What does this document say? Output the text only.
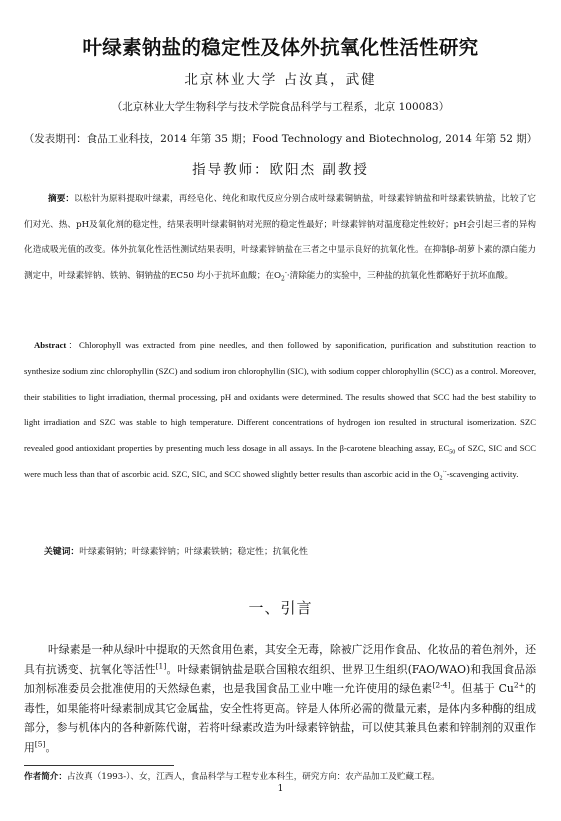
叶绿素钠盐的稳定性及体外抗氧化性活性研究
北京林业大学 占汝真，武健
（北京林业大学生物科学与技术学院食品科学与工程系，北京 100083）
（发表期刊：食品工业科技，2014 年第 35 期；Food Technology and Biotechnolog, 2014 年第 52 期）
指导教师：欧阳杰 副教授
摘要：以松针为原料提取叶绿素，再经皂化、纯化和取代反应分别合成叶绿素铜钠盐，叶绿素锌钠盐和叶绿素铁钠盐，比较了它们对光、热、pH及氧化剂的稳定性，结果表明叶绿素铜钠对光照的稳定性最好；叶绿素锌钠对温度稳定性较好；pH会引起三者的异构化造成吸光值的改变。体外抗氧化性活性测试结果表明，叶绿素锌钠盐在三者之中显示良好的抗氧化性。在抑制β-胡萝卜素的漂白能力测定中，叶绿素锌钠、铁钠、铜钠盐的EC50 均小于抗坏血酸；在$O_2^-\cdot$清除能力的实验中，三种盐的抗氧化性都略好于抗坏血酸。
Abstract：Chlorophyll was extracted from pine needles, and then followed by saponification, purification and substitution reaction to synthesize sodium zinc chlorophyllin (SZC) and sodium iron chlorophyllin (SIC), with sodium copper chlorophyllin (SCC) as a control. Moreover, their stabilities to light irradiation, thermal processing, pH and oxidants were determined. The results showed that SCC had the best stability to light irradiation and SZC was stable to high temperature. Different concentrations of hydrogen ion resulted in structural isomerization. SZC revealed good antioxidant properties by presenting much less dosage in all assays. In the β-carotene bleaching assay, $EC_{50}$ of SZC, SIC and SCC were much less than that of ascorbic acid. SZC, SIC, and SCC showed slightly better results than ascorbic acid in the $O_2^{\cdot-}$-scavenging activity.
关键词：叶绿素铜钠；叶绿素锌钠；叶绿素铁钠；稳定性；抗氧化性
一、引言
叶绿素是一种从绿叶中提取的天然食用色素，其安全无毒，除被广泛用作食品、化妆品的着色剂外，还具有抗诱变、抗氧化等活性[1]。叶绿素铜钠盐是联合国粮农组织、世界卫生组织(FAO/WAO)和我国食品添加剂标准委员会批准使用的天然绿色素，也是我国食品工业中唯一允许使用的绿色素[2-4]。但基于 $Cu^{2+}$的毒性，如果能将叶绿素制成其它金属盐，安全性将更高。锌是人体所必需的微量元素，是体内多种酶的组成部分，参与机体内的各种新陈代谢，若将叶绿素改造为叶绿素锌钠盐，可以使其兼具色素和锌制剂的双重作用[5]。
作者简介：占汝真（1993-）、女，江西人，食品科学与工程专业本科生，研究方向：农产品加工及贮藏工程。
1
